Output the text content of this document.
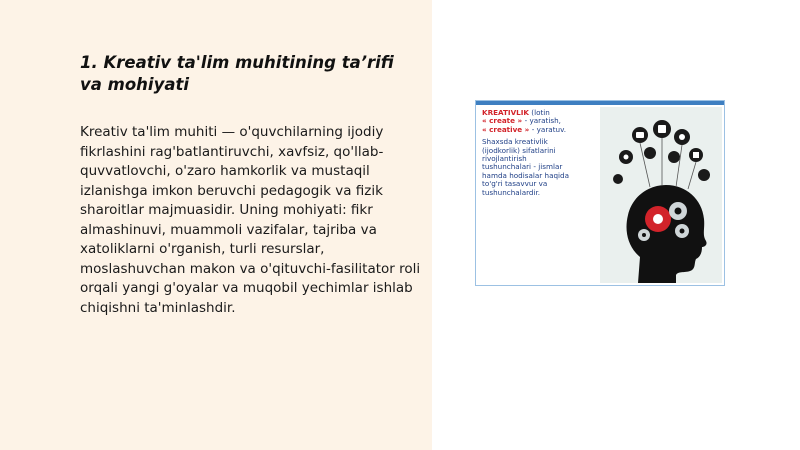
1. Kreativ ta'lim muhitining ta’rifi va mohiyati

Kreativ ta'lim muhiti — o'quvchilarning ijodiy fikrlashini rag'batlantiruvchi, xavfsiz, qo'llab-quvvatlovchi, o'zaro hamkorlik va mustaqil izlanishga imkon beruvchi pedagogik va fizik sharoitlar majmuasidir. Uning mohiyati: fikr almashinuvi, muammoli vazifalar, tajriba va xatoliklarni o'rganish, turli resurslar, moslashuvchan makon va o'qituvchi-fasilitator roli orqali yangi g'oyalar va muqobil yechimlar ishlab chiqishni ta'minlashdir.

KREATIVLIK (lotin
« create » - yaratish,
« creative » - yaratuv.
Shaxsda kreativlik
(ijodkorlik) sifatlarini
rivojlantirish
tushunchalari - jismlar
hamda hodisalar haqida
to'g'ri tasavvur va
tushunchalardir.
